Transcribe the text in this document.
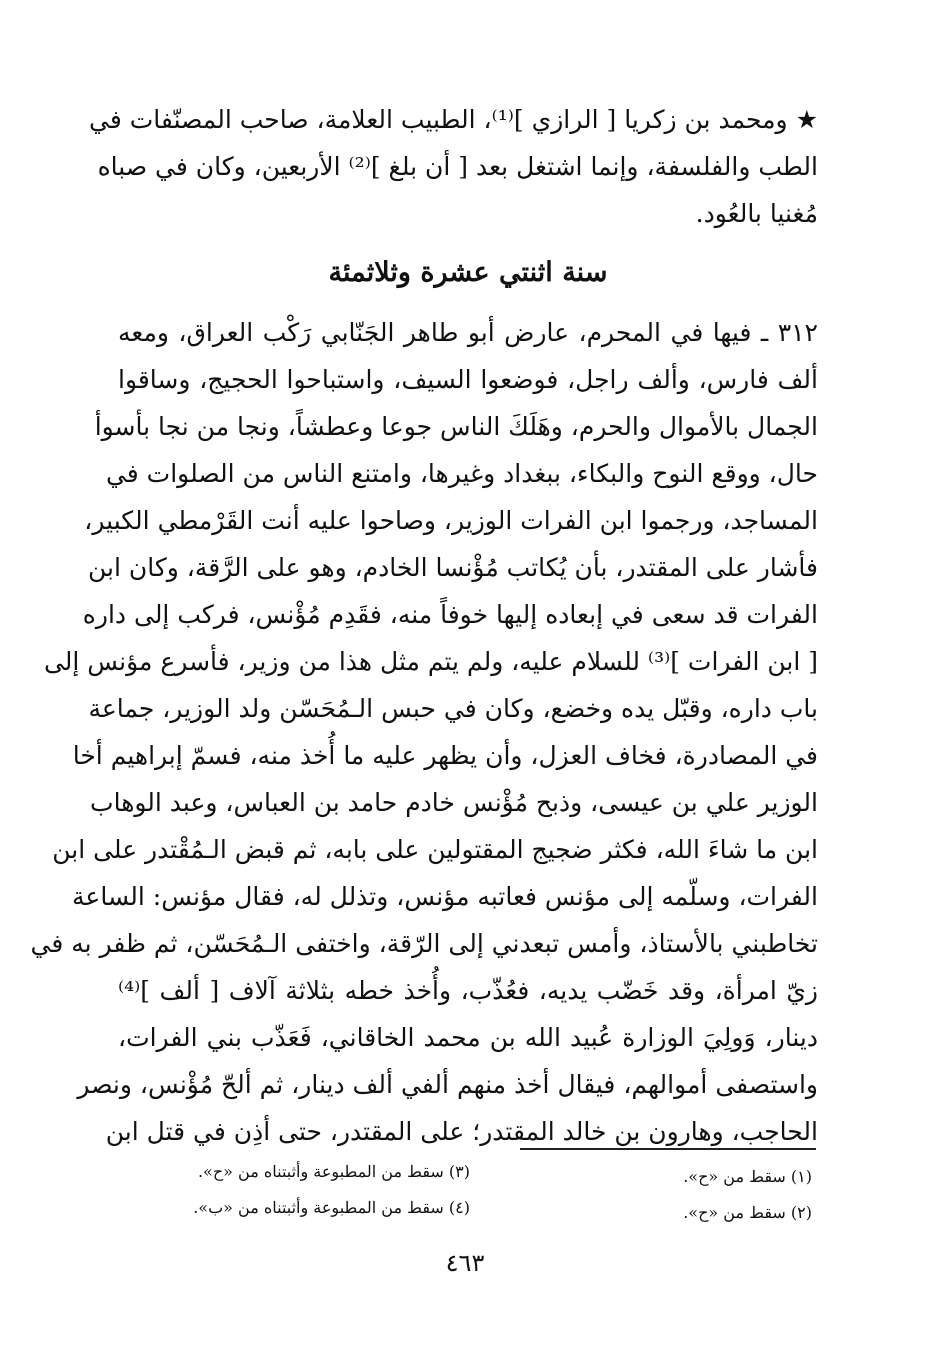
★ ومحمد بن زكريا [ الرازي ]⁽¹⁾، الطبيب العلامة، صاحب المصنّفات في
الطب والفلسفة، وإنما اشتغل بعد [ أن بلغ ]⁽²⁾ الأربعين، وكان في صباه
مُغنيا بالعُود.
سنة اثنتي عشرة وثلاثمئة
٣١٢ ـ فيها في المحرم، عارض أبو طاهر الجَنّابي رَكْب العراق، ومعه
ألف فارس، وألف راجل، فوضعوا السيف، واستباحوا الحجيج، وساقوا
الجمال بالأموال والحرم، وهَلَكَ الناس جوعا وعطشاً، ونجا من نجا بأسوأ
حال، ووقع النوح والبكاء، ببغداد وغيرها، وامتنع الناس من الصلوات في
المساجد، ورجموا ابن الفرات الوزير، وصاحوا عليه أنت القَرْمطي الكبير،
فأشار على المقتدر، بأن يُكاتب مُؤْنسا الخادم، وهو على الرَّقة، وكان ابن
الفرات قد سعى في إبعاده إليها خوفاً منه، فقَدِم مُؤْنس، فركب إلى داره
[ ابن الفرات ]⁽³⁾ للسلام عليه، ولم يتم مثل هذا من وزير، فأسرع مؤنس إلى
باب داره، وقبّل يده وخضع، وكان في حبس الـمُحَسّن ولد الوزير، جماعة
في المصادرة، فخاف العزل، وأن يظهر عليه ما أُخذ منه، فسمّ إبراهيم أخا
الوزير علي بن عيسى، وذبح مُؤْنس خادم حامد بن العباس، وعبد الوهاب
ابن ما شاءَ الله، فكثر ضجيج المقتولين على بابه، ثم قبض الـمُقْتدر على ابن
الفرات، وسلّمه إلى مؤنس فعاتبه مؤنس، وتذلل له، فقال مؤنس: الساعة
تخاطبني بالأستاذ، وأمس تبعدني إلى الرّقة، واختفى الـمُحَسّن، ثم ظفر به في
زيّ امرأة، وقد خَضّب يديه، فعُذّب، وأُخذ خطه بثلاثة آلاف [ ألف ]⁽⁴⁾
دينار، وَولِيَ الوزارة عُبيد الله بن محمد الخاقاني، فَعَذّب بني الفرات،
واستصفى أموالهم، فيقال أخذ منهم ألفي ألف دينار، ثم ألحّ مُؤْنس، ونصر
الحاجب، وهارون بن خالد المقتدر؛ على المقتدر، حتى أذِن في قتل ابن
(١) سقط من «ح».
(٢) سقط من «ح».
(٣) سقط من المطبوعة وأثبتناه من «ح».
(٤) سقط من المطبوعة وأثبتناه من «ب».
٤٦٣
